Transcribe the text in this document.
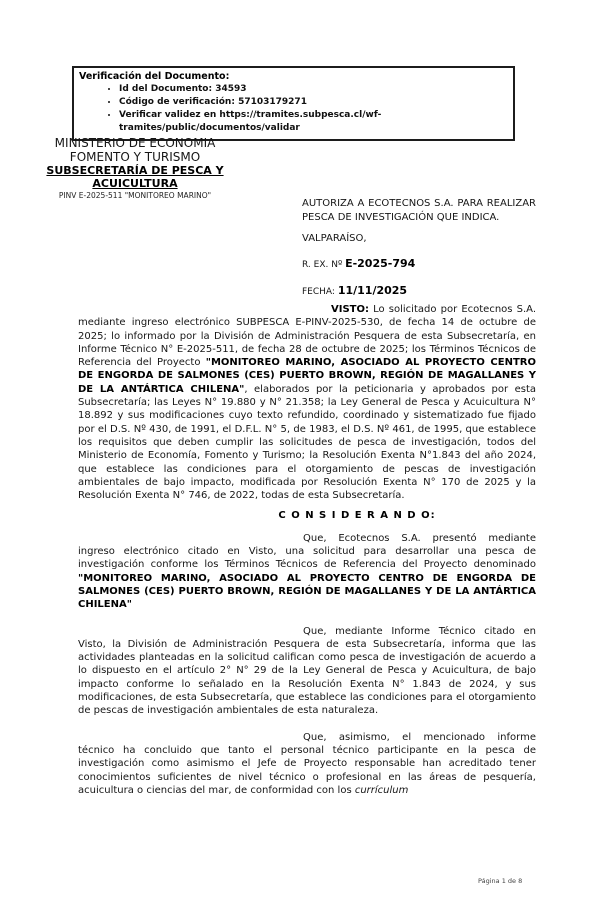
Verificación del Documento:
• Id del Documento: 34593
• Código de verificación: 57103179271
• Verificar validez en https://tramites.subpesca.cl/wf-tramites/public/documentos/validar
MINISTERIO DE ECONOMIA
FOMENTO Y TURISMO
SUBSECRETARÍA DE PESCA Y
ACUICULTURA
PINV E-2025-511 "MONITOREO MARINO"
AUTORIZA A ECOTECNOS S.A. PARA REALIZAR PESCA DE INVESTIGACIÓN QUE INDICA.
VALPARAÍSO,
R. EX. Nº E-2025-794
FECHA: 11/11/2025

VISTO: Lo solicitado por Ecotecnos S.A. mediante ingreso electrónico SUBPESCA E-PINV-2025-530, de fecha 14 de octubre de 2025; lo informado por la División de Administración Pesquera de esta Subsecretaría, en Informe Técnico N° E-2025-511, de fecha 28 de octubre de 2025; los Términos Técnicos de Referencia del Proyecto "MONITOREO MARINO, ASOCIADO AL PROYECTO CENTRO DE ENGORDA DE SALMONES (CES) PUERTO BROWN, REGIÓN DE MAGALLANES Y DE LA ANTÁRTICA CHILENA", elaborados por la peticionaria y aprobados por esta Subsecretaría; las Leyes N° 19.880 y N° 21.358; la Ley General de Pesca y Acuicultura N° 18.892 y sus modificaciones cuyo texto refundido, coordinado y sistematizado fue fijado por el D.S. Nº 430, de 1991, el D.F.L. N° 5, de 1983, el D.S. Nº 461, de 1995, que establece los requisitos que deben cumplir las solicitudes de pesca de investigación, todos del Ministerio de Economía, Fomento y Turismo; la Resolución Exenta N°1.843 del año 2024, que establece las condiciones para el otorgamiento de pescas de investigación ambientales de bajo impacto, modificada por Resolución Exenta N° 170 de 2025 y la Resolución Exenta N° 746, de 2022, todas de esta Subsecretaría.

C O N S I D E R A N D O:

Que, Ecotecnos S.A. presentó mediante ingreso electrónico citado en Visto, una solicitud para desarrollar una pesca de investigación conforme los Términos Técnicos de Referencia del Proyecto denominado "MONITOREO MARINO, ASOCIADO AL PROYECTO CENTRO DE ENGORDA DE SALMONES (CES) PUERTO BROWN, REGIÓN DE MAGALLANES Y DE LA ANTÁRTICA CHILENA"

Que, mediante Informe Técnico citado en Visto, la División de Administración Pesquera de esta Subsecretaría, informa que las actividades planteadas en la solicitud califican como pesca de investigación de acuerdo a lo dispuesto en el artículo 2° N° 29 de la Ley General de Pesca y Acuicultura, de bajo impacto conforme lo señalado en la Resolución Exenta N° 1.843 de 2024, y sus modificaciones, de esta Subsecretaría, que establece las condiciones para el otorgamiento de pescas de investigación ambientales de esta naturaleza.

Que, asimismo, el mencionado informe técnico ha concluido que tanto el personal técnico participante en la pesca de investigación como asimismo el Jefe de Proyecto responsable han acreditado tener conocimientos suficientes de nivel técnico o profesional en las áreas de pesquería, acuicultura o ciencias del mar, de conformidad con los currículum

Página 1 de 8
